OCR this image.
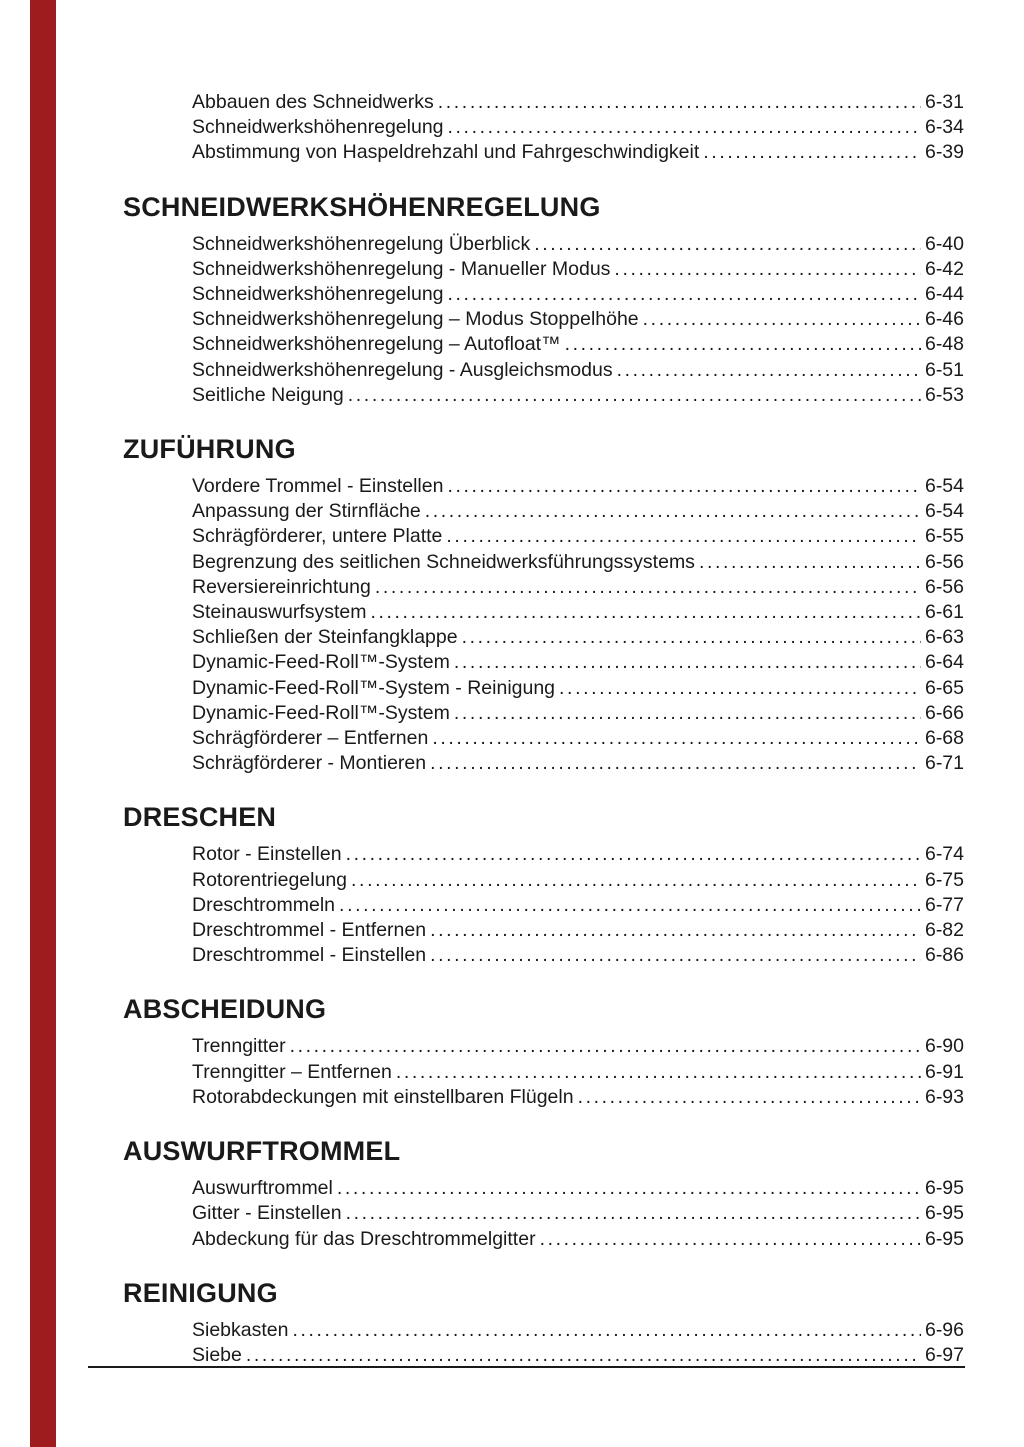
Abbauen des Schneidwerks .....	6-31
Schneidwerkshöhenregelung .....	6-34
Abstimmung von Haspeldrehzahl und Fahrgeschwindigkeit .....	6-39
SCHNEIDWERKSHÖHENREGELUNG
Schneidwerkshöhenregelung Überblick .....	6-40
Schneidwerkshöhenregelung - Manueller Modus .....	6-42
Schneidwerkshöhenregelung .....	6-44
Schneidwerkshöhenregelung – Modus Stoppelhöhe .....	6-46
Schneidwerkshöhenregelung – Autofloat™ .....	6-48
Schneidwerkshöhenregelung - Ausgleichsmodus .....	6-51
Seitliche Neigung .....	6-53
ZUFÜHRUNG
Vordere Trommel - Einstellen .....	6-54
Anpassung der Stirnfläche .....	6-54
Schrägförderer, untere Platte .....	6-55
Begrenzung des seitlichen Schneidwerksführungssystems .....	6-56
Reversiereinrichtung .....	6-56
Steinauswurfsystem .....	6-61
Schließen der Steinfangklappe .....	6-63
Dynamic-Feed-Roll™-System .....	6-64
Dynamic-Feed-Roll™-System - Reinigung .....	6-65
Dynamic-Feed-Roll™-System .....	6-66
Schrägförderer – Entfernen .....	6-68
Schrägförderer - Montieren .....	6-71
DRESCHEN
Rotor - Einstellen .....	6-74
Rotorentriegelung .....	6-75
Dreschtrommeln .....	6-77
Dreschtrommel - Entfernen .....	6-82
Dreschtrommel - Einstellen .....	6-86
ABSCHEIDUNG
Trenngitter .....	6-90
Trenngitter – Entfernen .....	6-91
Rotorabdeckungen mit einstellbaren Flügeln .....	6-93
AUSWURFTROMMEL
Auswurftrommel .....	6-95
Gitter - Einstellen .....	6-95
Abdeckung für das Dreschtrommelgitter .....	6-95
REINIGUNG
Siebkasten .....	6-96
Siebe .....	6-97
